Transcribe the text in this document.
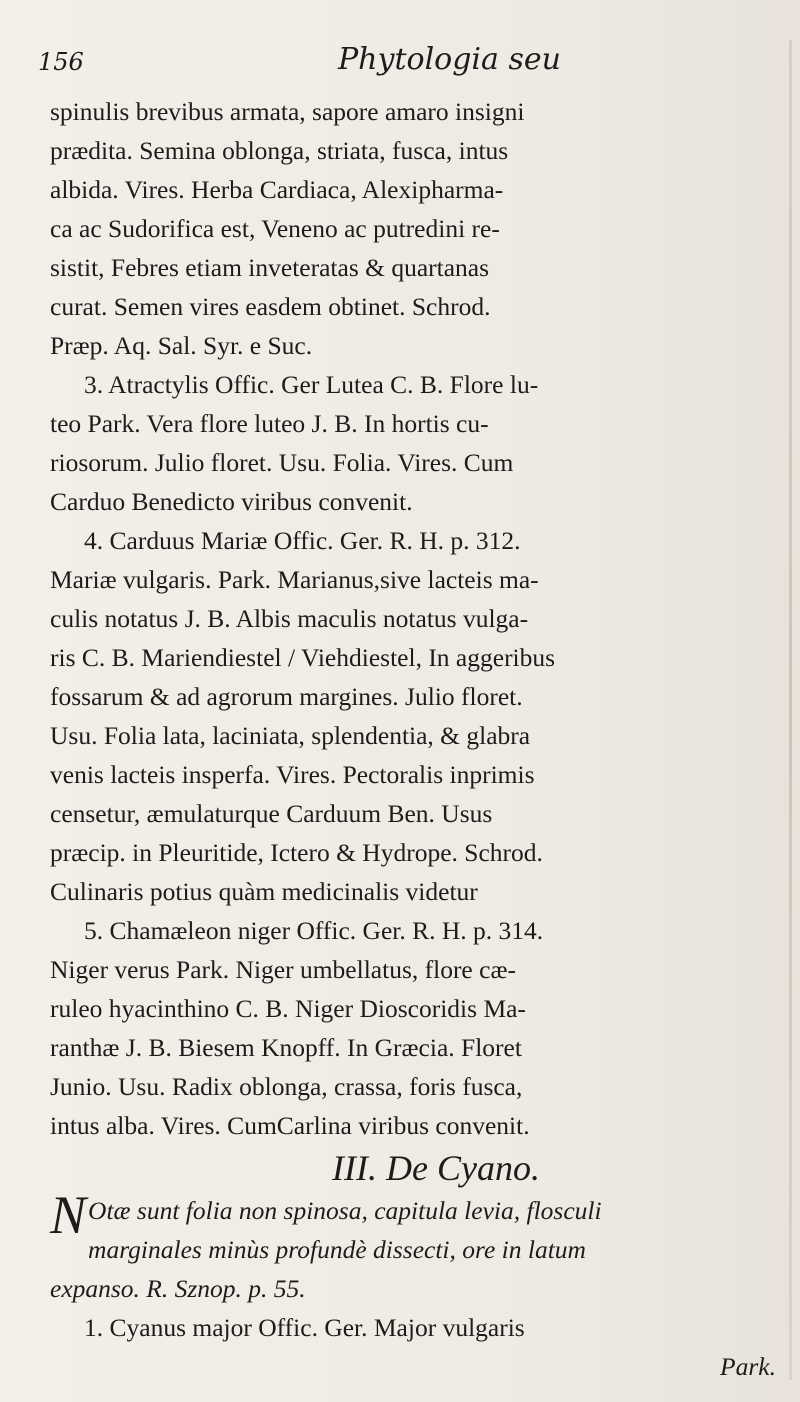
156	Phytologia seu
spinulis brevibus armata, sapore amaro insigni
prædita. Semina oblonga, striata, fusca, intus
albida. Vires. Herba Cardiaca, Alexipharma-
ca ac Sudorifica est, Veneno ac putredini re-
sistit, Febres etiam inveteratas & quartanas
curat. Semen vires easdem obtinet. Schrod.
Præp. Aq. Sal. Syr. e Suc.
3. Atractylis Offic. Ger Lutea C. B. Flore lu-
teo Park. Vera flore luteo J. B. In hortis cu-
riosorum. Julio floret. Usu. Folia. Vires. Cum
Carduo Benedicto viribus convenit.
4. Carduus Mariæ Offic. Ger. R. H. p. 312.
Mariæ vulgaris. Park. Marianus,sive lacteis ma-
culis notatus J. B. Albis maculis notatus vulga-
ris C. B. Mariendiestel / Viehdiestel, In aggeribus
fossarum & ad agrorum margines. Julio floret.
Usu. Folia lata, laciniata, splendentia, & glabra
venis lacteis insperfa. Vires. Pectoralis inprimis
censetur, æmulaturque Carduum Ben. Usus
præcip. in Pleuritide, Ictero & Hydrope. Schrod.
Culinaris potius quàm medicinalis videtur
5. Chamæleon niger Offic. Ger. R. H. p. 314.
Niger verus Park. Niger umbellatus, flore cæ-
ruleo hyacinthino C. B. Niger Dioscoridis Ma-
ranthæ J. B. Biesem Knopff. In Græcia. Floret
Junio. Usu. Radix oblonga, crassa, foris fusca,
intus alba. Vires. CumCarlina viribus convenit.
III. De Cyano.
N Otæ sunt folia non spinosa, capitula levia, flosculi
marginales minùs profundè dissecti, ore in latum
expanso. R. Sznop. p. 55.
1. Cyanus major Offic. Ger. Major vulgaris
Park.
